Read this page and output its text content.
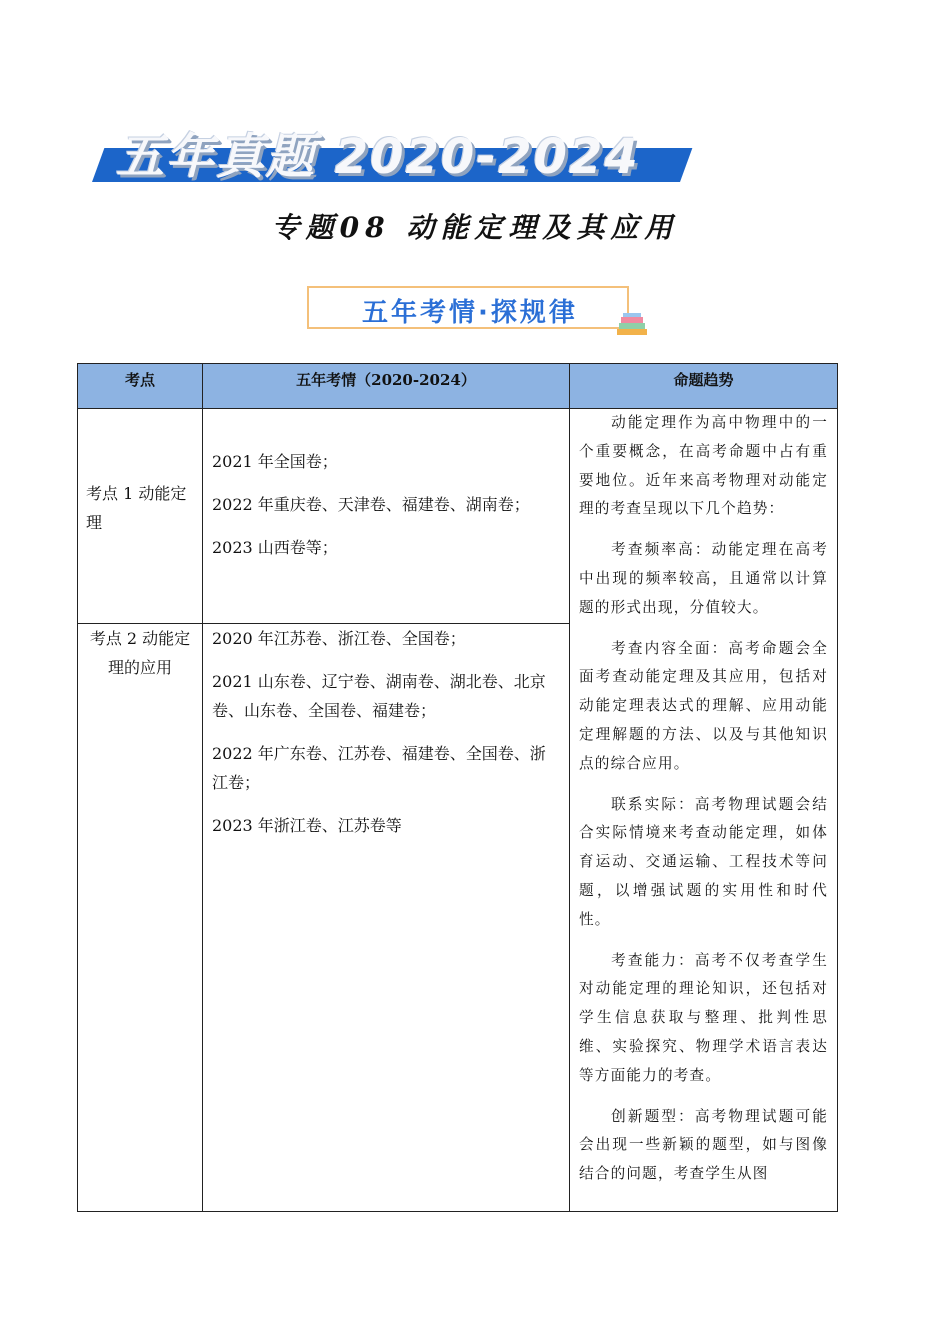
五年真题 2020-2024
专题08 动能定理及其应用
五年考情·探规律
考点	五年考情（2020-2024）	命题趋势
考点 1 动能定理

2021 年全国卷；

2022 年重庆卷、天津卷、福建卷、湖南卷；

2023 山西卷等；

考点 2 动能定理的应用

2020 年江苏卷、浙江卷、全国卷；

2021 山东卷、辽宁卷、湖南卷、湖北卷、北京卷、山东卷、全国卷、福建卷；

2022 年广东卷、江苏卷、福建卷、全国卷、浙江卷；

2023 年浙江卷、江苏卷等

动能定理作为高中物理中的一个重要概念，在高考命题中占有重要地位。近年来高考物理对动能定理的考查呈现以下几个趋势：

考查频率高：动能定理在高考中出现的频率较高，且通常以计算题的形式出现，分值较大。

考查内容全面：高考命题会全面考查动能定理及其应用，包括对动能定理表达式的理解、应用动能定理解题的方法、以及与其他知识点的综合应用。

联系实际：高考物理试题会结合实际情境来考查动能定理，如体育运动、交通运输、工程技术等问题，以增强试题的实用性和时代性。

考查能力：高考不仅考查学生对动能定理的理论知识，还包括对学生信息获取与整理、批判性思维、实验探究、物理学术语言表达等方面能力的考查。

创新题型：高考物理试题可能会出现一些新颖的题型，如与图像结合的问题，考查学生从图
